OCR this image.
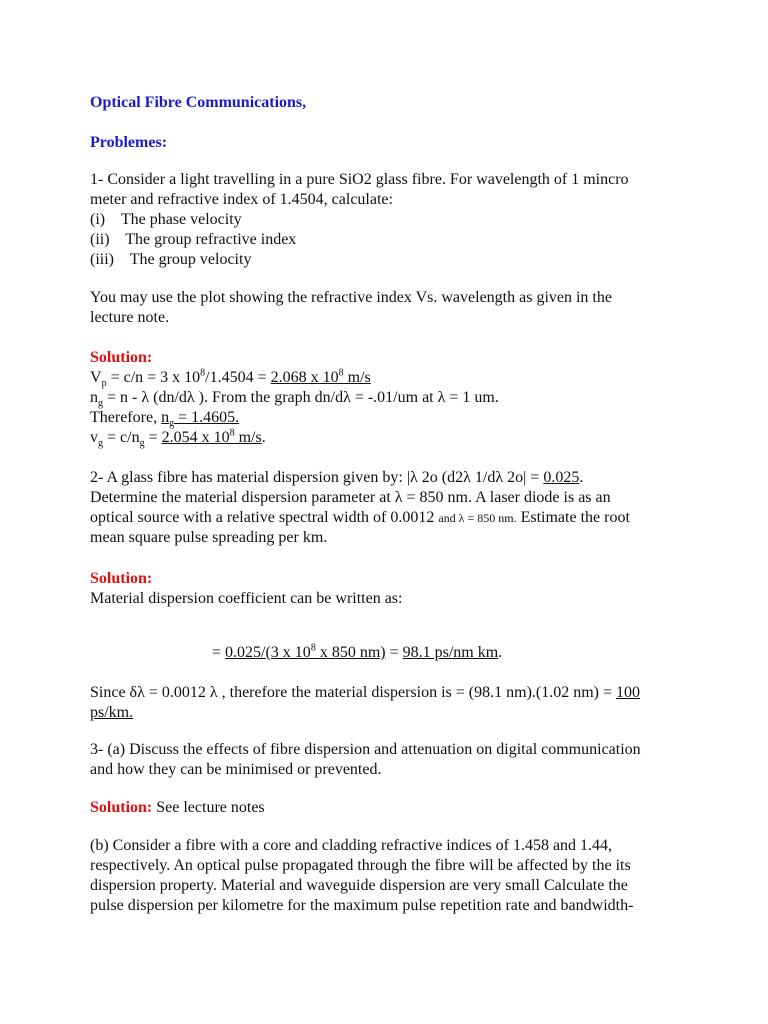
Optical Fibre Communications,
Problemes:
1- Consider a light travelling in a pure SiO2 glass fibre. For wavelength of 1 mincro
meter and refractive index of 1.4504, calculate:
(i)    The phase velocity
(ii)    The group refractive index
(iii)    The group velocity
You may use the plot showing the refractive index Vs. wavelength as given in the
lecture note.
Solution:
$V_p = c/n = 3$ x $10^8/1.4504 = 2.068$ x $10^8$ m/s
$n_g = n - \lambda$ (dn/dλ ). From the graph dn/dλ = -.01/um at λ = 1 um.
Therefore, $n_g = 1.4605$.
$v_g = c/n_g = 2.054$ x $10^8$ m/s.
2- A glass fibre has material dispersion given by: |λ 2o (d2λ 1/dλ 2o| = 0.025.
Determine the material dispersion parameter at λ = 850 nm. A laser diode is as an
optical source with a relative spectral width of 0.0012 and λ = 850 nm. Estimate the root
mean square pulse spreading per km.
Solution:
Material dispersion coefficient can be written as:
= 0.025/(3 x $10^8$ x 850 nm) = 98.1 ps/nm km.
Since δλ = 0.0012 λ , therefore the material dispersion is = (98.1 nm).(1.02 nm) = 100
ps/km.
3- (a) Discuss the effects of fibre dispersion and attenuation on digital communication
and how they can be minimised or prevented.
Solution: See lecture notes
(b) Consider a fibre with a core and cladding refractive indices of 1.458 and 1.44,
respectively. An optical pulse propagated through the fibre will be affected by the its
dispersion property. Material and waveguide dispersion are very small Calculate the
pulse dispersion per kilometre for the maximum pulse repetition rate and bandwidth-
